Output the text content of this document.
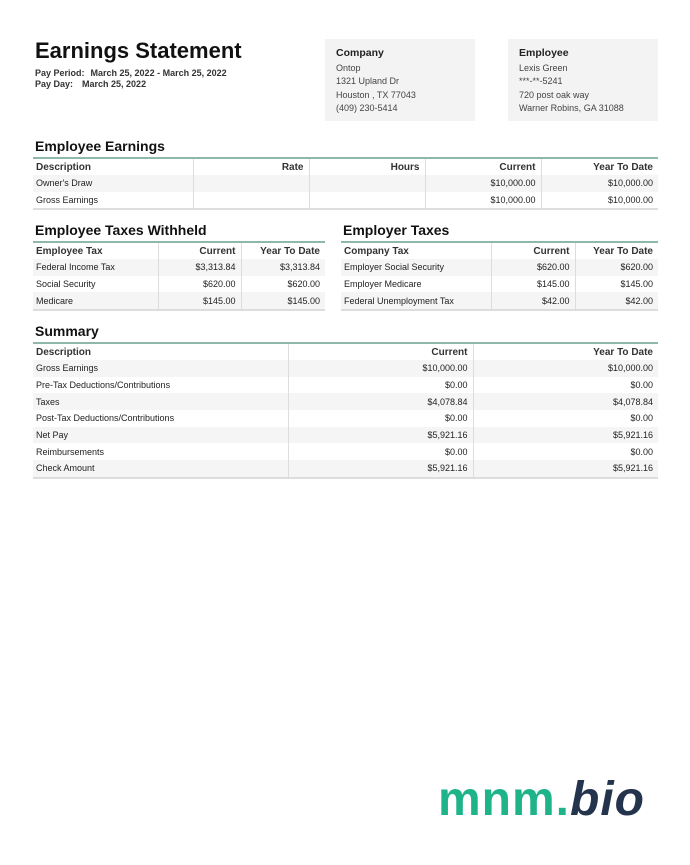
Earnings Statement
Pay Period: March 25, 2022 - March 25, 2022
Pay Day: March 25, 2022
Company
Ontop
1321 Upland Dr
Houston , TX 77043
(409) 230-5414
Employee
Lexis Green
***-**-5241
720 post oak way
Warner Robins, GA 31088
Employee Earnings
Description	Rate	Hours	Current	Year To Date
Owner's Draw			$10,000.00	$10,000.00
Gross Earnings			$10,000.00	$10,000.00
Employee Taxes Withheld
Employee Tax	Current	Year To Date
Federal Income Tax	$3,313.84	$3,313.84
Social Security	$620.00	$620.00
Medicare	$145.00	$145.00
Employer Taxes
Company Tax	Current	Year To Date
Employer Social Security	$620.00	$620.00
Employer Medicare	$145.00	$145.00
Federal Unemployment Tax	$42.00	$42.00
Summary
Description	Current	Year To Date
Gross Earnings	$10,000.00	$10,000.00
Pre-Tax Deductions/Contributions	$0.00	$0.00
Taxes	$4,078.84	$4,078.84
Post-Tax Deductions/Contributions	$0.00	$0.00
Net Pay	$5,921.16	$5,921.16
Reimbursements	$0.00	$0.00
Check Amount	$5,921.16	$5,921.16
mnm.bio
